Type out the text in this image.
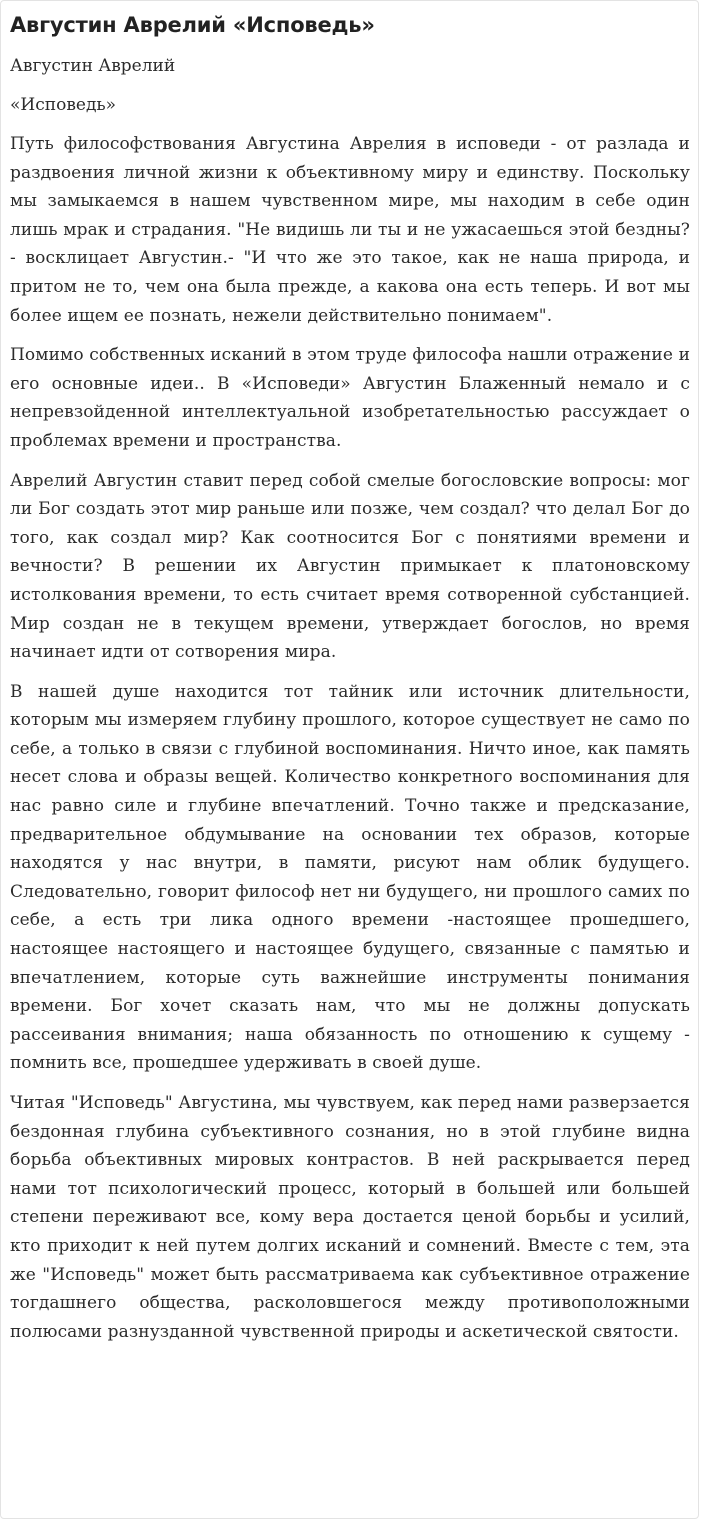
Августин Аврелий «Исповедь»

Августин Аврелий

«Исповедь»

Путь философствования Августина Аврелия в исповеди - от разлада и раздвоения личной жизни к объективному миру и единству. Поскольку мы замыкаемся в нашем чувственном мире, мы находим в себе один лишь мрак и страдания. "Не видишь ли ты и не ужасаешься этой бездны?- восклицает Августин.- "И что же это такое, как не наша природа, и притом не то, чем она была прежде, а какова она есть теперь. И вот мы более ищем ее познать, нежели действительно понимаем".

Помимо собственных исканий в этом труде философа нашли отражение и его основные идеи.. В «Исповеди» Августин Блаженный немало и с непревзойденной интеллектуальной изобретательностью рассуждает о проблемах времени и пространства.

Аврелий Августин ставит перед собой смелые богословские вопросы: мог ли Бог создать этот мир раньше или позже, чем создал? что делал Бог до того, как создал мир? Как соотносится Бог с понятиями времени и вечности? В решении их Августин примыкает к платоновскому истолкования времени, то есть считает время сотворенной субстанцией. Мир создан не в текущем времени, утверждает богослов, но время начинает идти от сотворения мира.

В нашей душе находится тот тайник или источник длительности, которым мы измеряем глубину прошлого, которое существует не само по себе, а только в связи с глубиной воспоминания. Ничто иное, как память несет слова и образы вещей. Количество конкретного воспоминания для нас равно силе и глубине впечатлений. Точно также и предсказание, предварительное обдумывание на основании тех образов, которые находятся у нас внутри, в памяти, рисуют нам облик будущего. Следовательно, говорит философ нет ни будущего, ни прошлого самих по себе, а есть три лика одного времени -настоящее прошедшего, настоящее настоящего и настоящее будущего, связанные с памятью и впечатлением, которые суть важнейшие инструменты понимания времени. Бог хочет сказать нам, что мы не должны допускать рассеивания внимания; наша обязанность по отношению к сущему - помнить все, прошедшее удерживать в своей душе.

Читая "Исповедь" Августина, мы чувствуем, как перед нами разверзается бездонная глубина субъективного сознания, но в этой глубине видна борьба объективных мировых контрастов. В ней раскрывается перед нами тот психологический процесс, который в большей или большей степени переживают все, кому вера достается ценой борьбы и усилий, кто приходит к ней путем долгих исканий и сомнений. Вместе с тем, эта же "Исповедь" может быть рассматриваема как субъективное отражение тогдашнего общества, расколовшегося между противоположными полюсами разнузданной чувственной природы и аскетической святости.
